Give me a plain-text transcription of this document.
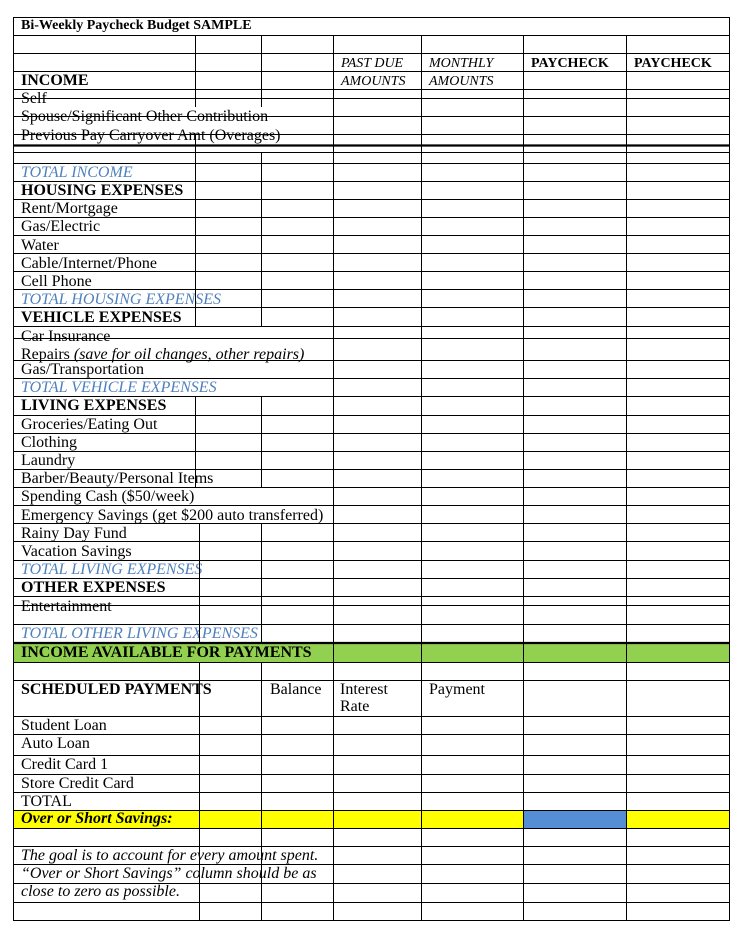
Bi-Weekly Paycheck Budget SAMPLE
PAST DUE
AMOUNTS
MONTHLY
AMOUNTS
PAYCHECK PAYCHECK
INCOME
Self
Spouse/Significant Other Contribution
Previous Pay Carryover Amt (Overages)
TOTAL INCOME
HOUSING EXPENSES
Rent/Mortgage
Gas/Electric
Water
Cable/Internet/Phone
Cell Phone
TOTAL HOUSING EXPENSES
VEHICLE EXPENSES
Car Insurance
Repairs (save for oil changes, other repairs)
Gas/Transportation
TOTAL VEHICLE EXPENSES
LIVING EXPENSES
Groceries/Eating Out
Clothing
Laundry
Barber/Beauty/Personal Items
Spending Cash ($50/week)
Emergency Savings (get $200 auto transferred)
Rainy Day Fund
Vacation Savings
TOTAL LIVING EXPENSES
OTHER EXPENSES
Entertainment
TOTAL OTHER LIVING EXPENSES
Student Loan
Auto Loan
Credit Card 1
Store Credit Card
TOTAL
INCOME AVAILABLE FOR PAYMENTS
SCHEDULED PAYMENTS	Balance Interest
Rate
Payment
Over or Short Savings:
The goal is to account for every amount spent.
“Over or Short Savings” column should be as
close to zero as possible.
